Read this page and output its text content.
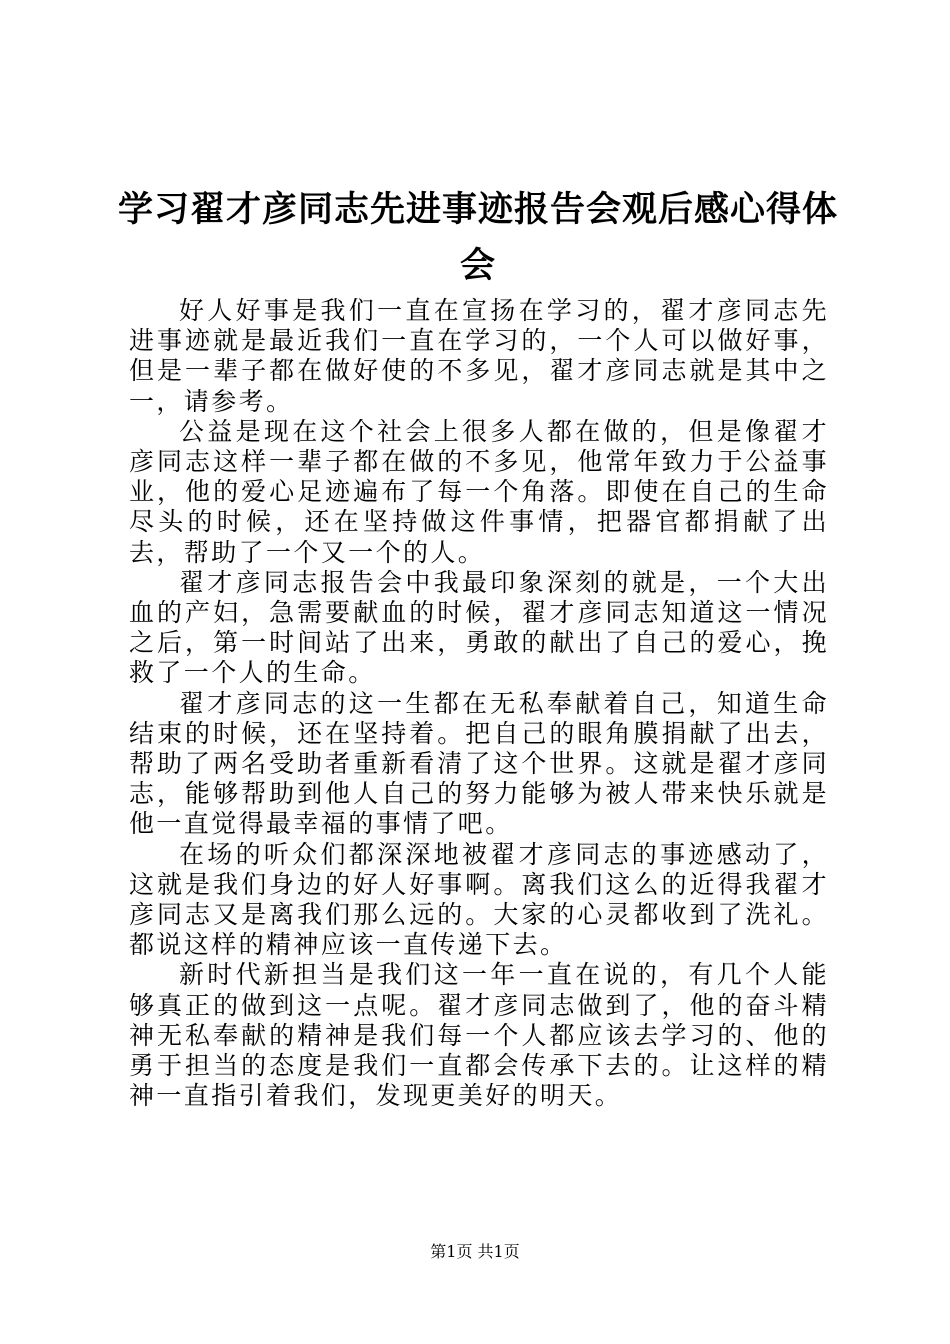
学习翟才彦同志先进事迹报告会观后感心得体会

好人好事是我们一直在宣扬在学习的，翟才彦同志先进事迹就是最近我们一直在学习的，一个人可以做好事，但是一辈子都在做好使的不多见，翟才彦同志就是其中之一，请参考。

公益是现在这个社会上很多人都在做的，但是像翟才彦同志这样一辈子都在做的不多见，他常年致力于公益事业，他的爱心足迹遍布了每一个角落。即使在自己的生命尽头的时候，还在坚持做这件事情，把器官都捐献了出去，帮助了一个又一个的人。

翟才彦同志报告会中我最印象深刻的就是，一个大出血的产妇，急需要献血的时候，翟才彦同志知道这一情况之后，第一时间站了出来，勇敢的献出了自己的爱心，挽救了一个人的生命。

翟才彦同志的这一生都在无私奉献着自己，知道生命结束的时候，还在坚持着。把自己的眼角膜捐献了出去，帮助了两名受助者重新看清了这个世界。这就是翟才彦同志，能够帮助到他人自己的努力能够为被人带来快乐就是他一直觉得最幸福的事情了吧。

在场的听众们都深深地被翟才彦同志的事迹感动了，这就是我们身边的好人好事啊。离我们这么的近得我翟才彦同志又是离我们那么远的。大家的心灵都收到了洗礼。都说这样的精神应该一直传递下去。

新时代新担当是我们这一年一直在说的，有几个人能够真正的做到这一点呢。翟才彦同志做到了，他的奋斗精神无私奉献的精神是我们每一个人都应该去学习的、他的勇于担当的态度是我们一直都会传承下去的。让这样的精神一直指引着我们，发现更美好的明天。

第1页 共1页
